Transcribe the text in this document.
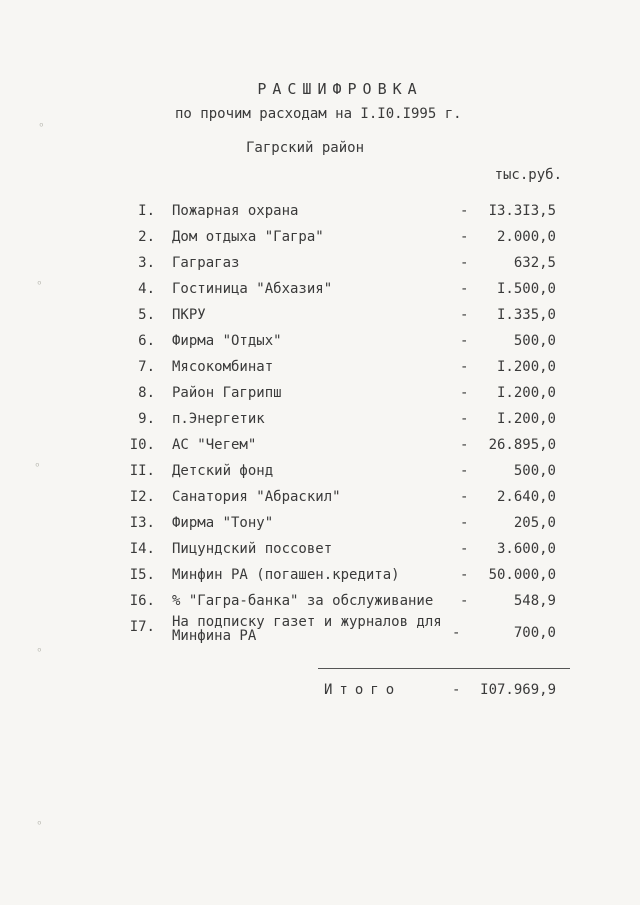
РАСШИФРОВКА
по прочим расходам на I.I0.I995 г.
Гагрский район
тыс.руб.
I. Пожарная охрана	- I3.3I3,5
2. Дом отдыха "Гагра"	- 2.000,0
3. Гаграгаз	-	632,5
4. Гостиница "Абхазия"	- I.500,0
5. ПКРУ	- I.335,0
6. Фирма "Отдых"	-	500,0
7. Мясокомбинат	- I.200,0
8. Район Гагрипш	- I.200,0
9. п.Энергетик	- I.200,0
I0. АС "Чегем"	- 26.895,0
II. Детский фонд	-	500,0
I2. Санатория "Абраскил"	- 2.640,0
I3. Фирма "Тону"	-	205,0
I4. Пицундский поссовет	- 3.600,0
I5. Минфин РА (погашен.кредита)	- 50.000,0
I6. % "Гагра-банка" за обслуживание -	548,9
I7. На подписку газет и журналов для Минфина РА	-	700,0
Итого	- I07.969,9
ᵒ
ᵒ
ᵒ
ᵒ
ᵒ
